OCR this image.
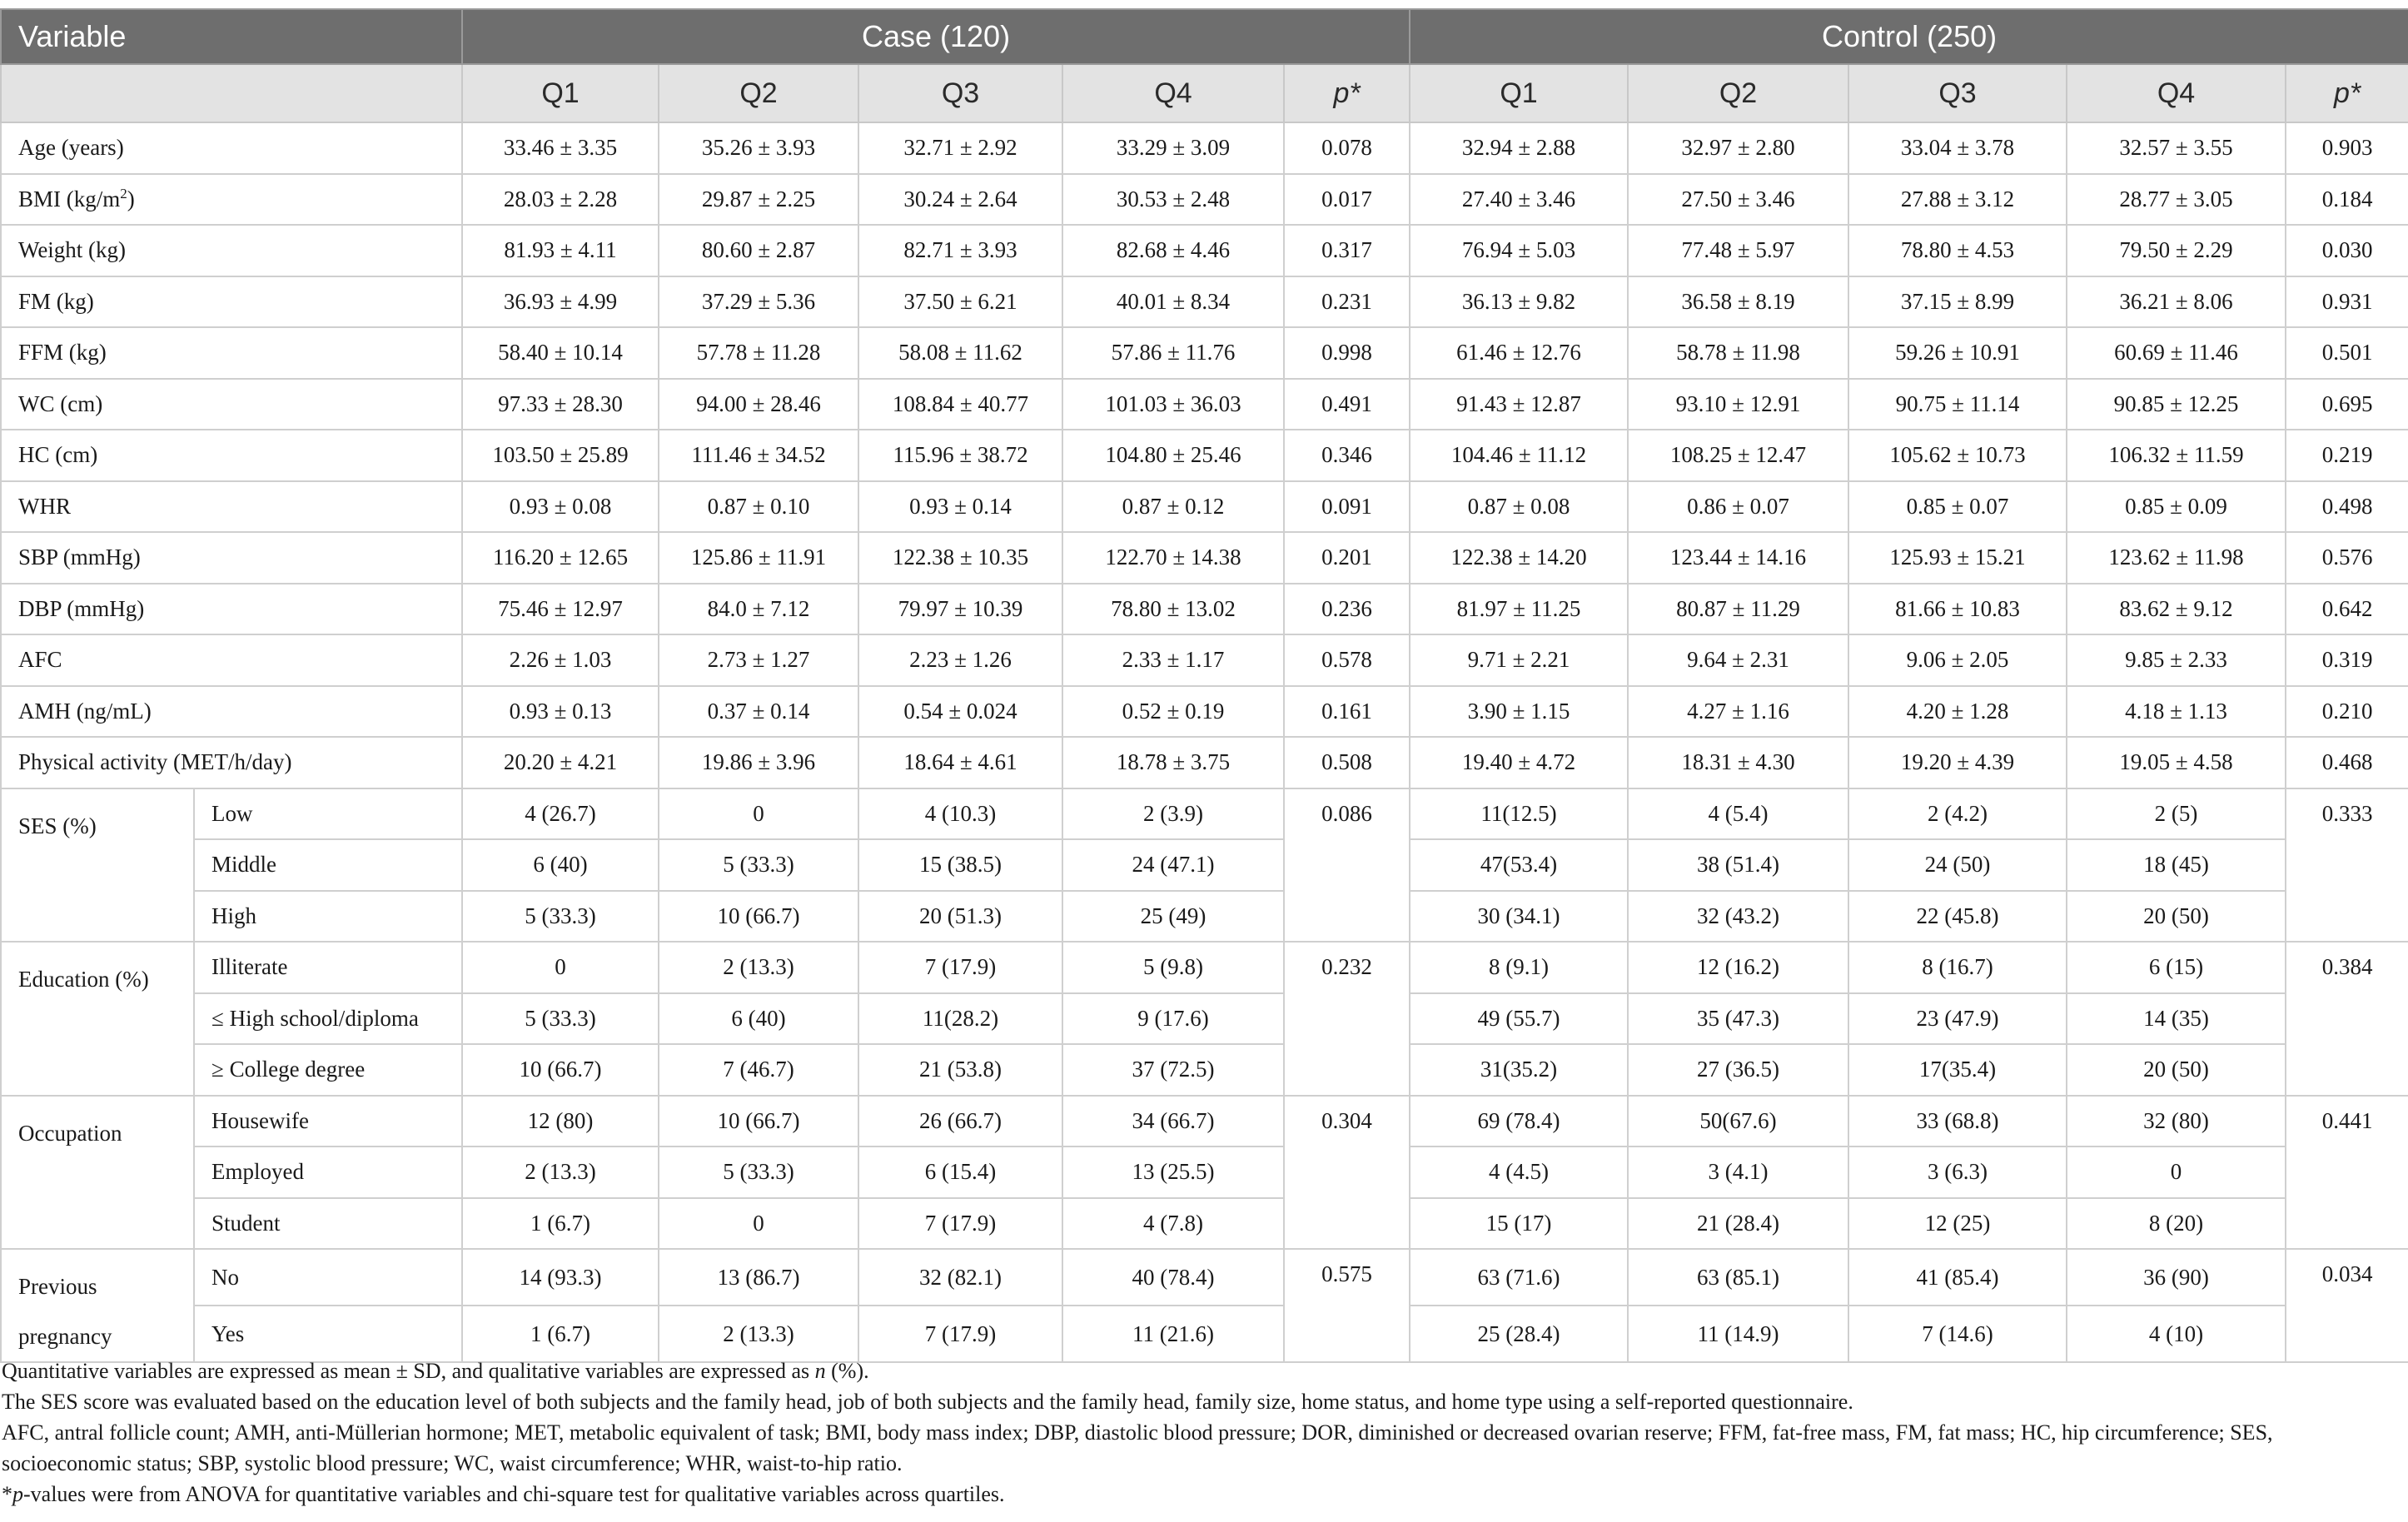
Variable		Case (120)					Control (250)				
		Q1	Q2	Q3	Q4	p*	Q1	Q2	Q3	Q4	p*
Age (years)		33.46 ± 3.35	35.26 ± 3.93	32.71 ± 2.92	33.29 ± 3.09	0.078	32.94 ± 2.88	32.97 ± 2.80	33.04 ± 3.78	32.57 ± 3.55	0.903
BMI $(kg/m^2)$		28.03 ± 2.28	29.87 ± 2.25	30.24 ± 2.64	30.53 ± 2.48	0.017	27.40 ± 3.46	27.50 ± 3.46	27.88 ± 3.12	28.77 ± 3.05	0.184
Weight (kg)		81.93 ± 4.11	80.60 ± 2.87	82.71 ± 3.93	82.68 ± 4.46	0.317	76.94 ± 5.03	77.48 ± 5.97	78.80 ± 4.53	79.50 ± 2.29	0.030
FM (kg)		36.93 ± 4.99	37.29 ± 5.36	37.50 ± 6.21	40.01 ± 8.34	0.231	36.13 ± 9.82	36.58 ± 8.19	37.15 ± 8.99	36.21 ± 8.06	0.931
FFM (kg)		58.40 ± 10.14	57.78 ± 11.28	58.08 ± 11.62	57.86 ± 11.76	0.998	61.46 ± 12.76	58.78 ± 11.98	59.26 ± 10.91	60.69 ± 11.46	0.501
WC (cm)		97.33 ± 28.30	94.00 ± 28.46	108.84 ± 40.77	101.03 ± 36.03	0.491	91.43 ± 12.87	93.10 ± 12.91	90.75 ± 11.14	90.85 ± 12.25	0.695
HC (cm)		103.50 ± 25.89	111.46 ± 34.52	115.96 ± 38.72	104.80 ± 25.46	0.346	104.46 ± 11.12	108.25 ± 12.47	105.62 ± 10.73	106.32 ± 11.59	0.219
WHR		0.93 ± 0.08	0.87 ± 0.10	0.93 ± 0.14	0.87 ± 0.12	0.091	0.87 ± 0.08	0.86 ± 0.07	0.85 ± 0.07	0.85 ± 0.09	0.498
SBP (mmHg)		116.20 ± 12.65	125.86 ± 11.91	122.38 ± 10.35	122.70 ± 14.38	0.201	122.38 ± 14.20	123.44 ± 14.16	125.93 ± 15.21	123.62 ± 11.98	0.576
DBP (mmHg)		75.46 ± 12.97	84.0 ± 7.12	79.97 ± 10.39	78.80 ± 13.02	0.236	81.97 ± 11.25	80.87 ± 11.29	81.66 ± 10.83	83.62 ± 9.12	0.642
AFC		2.26 ± 1.03	2.73 ± 1.27	2.23 ± 1.26	2.33 ± 1.17	0.578	9.71 ± 2.21	9.64 ± 2.31	9.06 ± 2.05	9.85 ± 2.33	0.319
AMH (ng/mL)		0.93 ± 0.13	0.37 ± 0.14	0.54 ± 0.024	0.52 ± 0.19	0.161	3.90 ± 1.15	4.27 ± 1.16	4.20 ± 1.28	4.18 ± 1.13	0.210
Physical activity (MET/h/day)		20.20 ± 4.21	19.86 ± 3.96	18.64 ± 4.61	18.78 ± 3.75	0.508	19.40 ± 4.72	18.31 ± 4.30	19.20 ± 4.39	19.05 ± 4.58	0.468
SES (%)	Low	4 (26.7)	0	4 (10.3)	2 (3.9)	0.086	11(12.5)	4 (5.4)	2 (4.2)	2 (5)	0.333
	Middle	6 (40)	5 (33.3)	15 (38.5)	24 (47.1)		47(53.4)	38 (51.4)	24 (50)	18 (45)	
	High	5 (33.3)	10 (66.7)	20 (51.3)	25 (49)		30 (34.1)	32 (43.2)	22 (45.8)	20 (50)	
Education (%)	Illiterate	0	2 (13.3)	7 (17.9)	5 (9.8)	0.232	8 (9.1)	12 (16.2)	8 (16.7)	6 (15)	0.384
	≤ High school/diploma	5 (33.3)	6 (40)	11(28.2)	9 (17.6)		49 (55.7)	35 (47.3)	23 (47.9)	14 (35)	
	≥ College degree	10 (66.7)	7 (46.7)	21 (53.8)	37 (72.5)		31(35.2)	27 (36.5)	17(35.4)	20 (50)	
Occupation	Housewife	12 (80)	10 (66.7)	26 (66.7)	34 (66.7)	0.304	69 (78.4)	50(67.6)	33 (68.8)	32 (80)	0.441
	Employed	2 (13.3)	5 (33.3)	6 (15.4)	13 (25.5)		4 (4.5)	3 (4.1)	3 (6.3)	0	
	Student	1 (6.7)	0	7 (17.9)	4 (7.8)		15 (17)	21 (28.4)	12 (25)	8 (20)	
Previous pregnancy	No	14 (93.3)	13 (86.7)	32 (82.1)	40 (78.4)	0.575	63 (71.6)	63 (85.1)	41 (85.4)	36 (90)	0.034
	Yes	1 (6.7)	2 (13.3)	7 (17.9)	11 (21.6)		25 (28.4)	11 (14.9)	7 (14.6)	4 (10)	

Quantitative variables are expressed as mean ± SD, and qualitative variables are expressed as n (%).

The SES score was evaluated based on the education level of both subjects and the family head, job of both subjects and the family head, family size, home status, and home type using a self-reported questionnaire.

AFC, antral follicle count; AMH, anti-Müllerian hormone; MET, metabolic equivalent of task; BMI, body mass index; DBP, diastolic blood pressure; DOR, diminished or decreased ovarian reserve; FFM, fat-free mass, FM, fat mass; HC, hip circumference; SES, socioeconomic status; SBP, systolic blood pressure; WC, waist circumference; WHR, waist-to-hip ratio.

*p-values were from ANOVA for quantitative variables and chi-square test for qualitative variables across quartiles.
